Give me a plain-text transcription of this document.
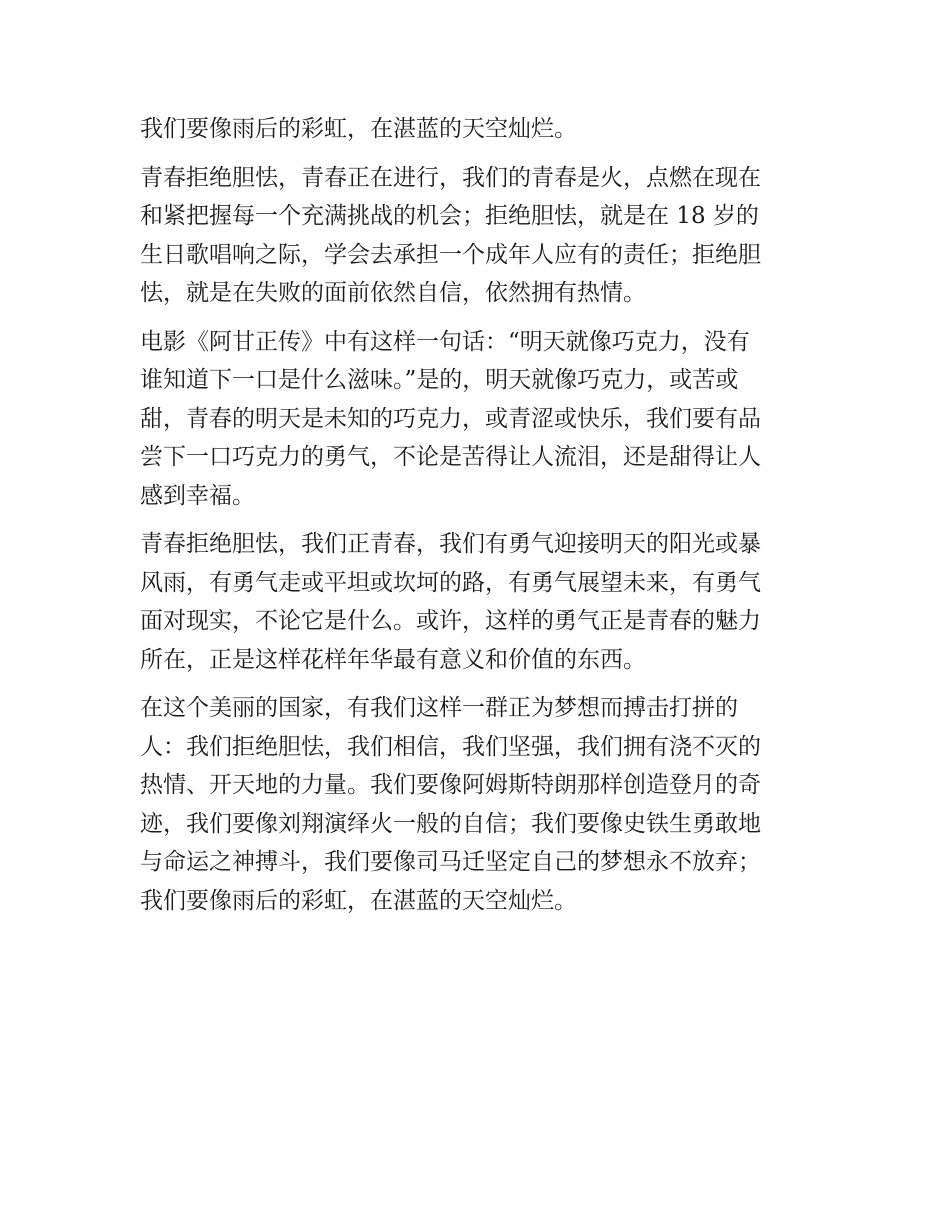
我们要像雨后的彩虹，在湛蓝的天空灿烂。
青春拒绝胆怯，青春正在进行，我们的青春是火，点燃在现在
和紧把握每一个充满挑战的机会；拒绝胆怯，就是在 18 岁的
生日歌唱响之际，学会去承担一个成年人应有的责任；拒绝胆
怯，就是在失败的面前依然自信，依然拥有热情。
电影《阿甘正传》中有这样一句话：“明天就像巧克力，没有
谁知道下一口是什么滋味。”是的，明天就像巧克力，或苦或
甜，青春的明天是未知的巧克力，或青涩或快乐，我们要有品
尝下一口巧克力的勇气，不论是苦得让人流泪，还是甜得让人
感到幸福。
青春拒绝胆怯，我们正青春，我们有勇气迎接明天的阳光或暴
风雨，有勇气走或平坦或坎坷的路，有勇气展望未来，有勇气
面对现实，不论它是什么。或许，这样的勇气正是青春的魅力
所在，正是这样花样年华最有意义和价值的东西。
在这个美丽的国家，有我们这样一群正为梦想而搏击打拼的
人：我们拒绝胆怯，我们相信，我们坚强，我们拥有浇不灭的
热情、开天地的力量。我们要像阿姆斯特朗那样创造登月的奇
迹，我们要像刘翔演绎火一般的自信；我们要像史铁生勇敢地
与命运之神搏斗，我们要像司马迁坚定自己的梦想永不放弃；
我们要像雨后的彩虹，在湛蓝的天空灿烂。
